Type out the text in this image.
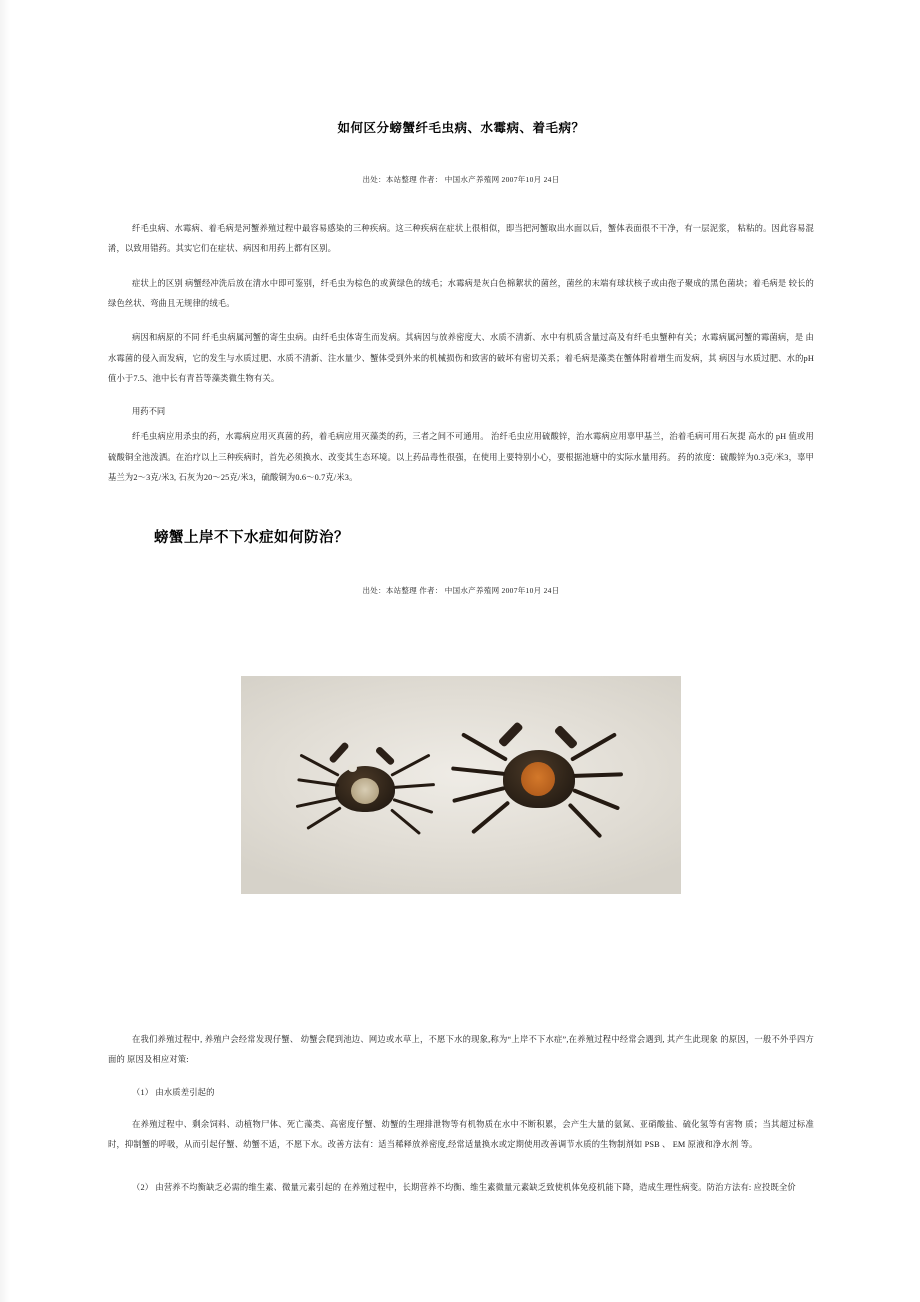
如何区分螃蟹纤毛虫病、水霉病、着毛病？
出处：本站整理 作者： 中国水产养殖网 2007年10月 24日

纤毛虫病、水霉病、着毛病是河蟹养殖过程中最容易感染的三种疾病。这三种疾病在症状上很相似，即当把河蟹取出水面以后，蟹体表面很不干净，有一层泥浆， 粘粘的。因此容易混淆，以致用错药。其实它们在症状、病因和用药上都有区别。

症状上的区别 病蟹经冲洗后放在清水中即可鉴别，纤毛虫为棕色的或黄绿色的绒毛；水霉病是灰白色棉絮状的菌丝，菌丝的末端有球状核子或由孢子聚成的黑色菌块；着毛病是 较长的绿色丝状、弯曲且无规律的绒毛。

病因和病原的不同 纤毛虫病属河蟹的寄生虫病。由纤毛虫体寄生而发病。其病因与放养密度大、水质不清新、水中有机质含量过高及有纤毛虫蟹种有关；水霉病属河蟹的霉菌病，是 由水霉菌的侵入而发病，它的发生与水质过肥、水质不清新、注水量少、蟹体受到外来的机械损伤和致害的破坏有密切关系；着毛病是藻类在蟹体附着增生而发病，其 病因与水质过肥、水的pH值小于7.5、池中长有青苔等藻类微生物有关。

用药不同

纤毛虫病应用杀虫的药，水霉病应用灭真菌的药，着毛病应用灭藻类的药，三者之间不可通用。 治纤毛虫应用硫酸锌，治水霉病应用辜甲基兰，治着毛病可用石灰提 高水的 pH 值或用硫酸铜全池泼洒。在治疗以上三种疾病时，首先必须换水、改变其生态环境。以上药品毒性很强，在使用上要特别小心，要根据池塘中的实际水量用药。 药的浓度：硫酸锌为0.3克/米3，辜甲基兰为2～3克/米3, 石灰为20～25克/米3，硫酸铜为0.6～0.7克/米3。

螃蟹上岸不下水症如何防治？
出处：本站整理 作者： 中国水产养殖网 2007年10月 24日

在我们养殖过程中, 养殖户会经常发现仔蟹、 幼蟹会爬到池边、网边或水草上，不愿下水的现象,称为“上岸不下水症”,在养殖过程中经常会遇到, 其产生此现象 的原因，一般不外乎四方面的 原因及相应对策:

（1） 由水质差引起的

在养殖过程中、剩余饲料、动植物尸体、死亡藻类、高密度仔蟹、幼蟹的生理排泄物等有机物质在水中不断积累，会产生大量的氨氮、亚硝酸盐、硫化氢等有害物 质；当其超过标准时，抑制蟹的呼吸，从而引起仔蟹、幼蟹不适，不愿下水。改善方法有：适当稀释放养密度,经常适量换水或定期使用改善调节水质的生物制剂如 PSB 、 EM 原液和净水剂 等。

（2） 由营养不均衡缺乏必需的维生素、微量元素引起的 在养殖过程中，长期营养不均衡、维生素微量元素缺乏致使机体免疫机能下降，造成生理性病变。防治方法有: 应投既全价
